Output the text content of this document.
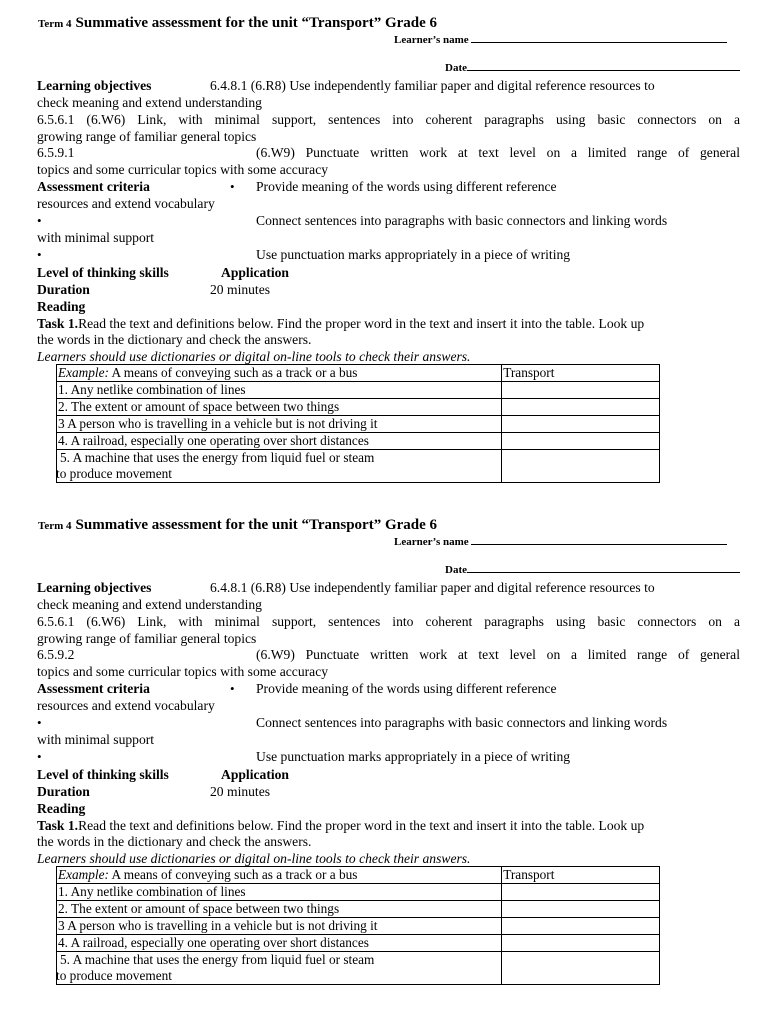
Term 4 Summative assessment for the unit “Transport” Grade 6
Learner’s name
Date
Learning objectives	6.4.8.1 (6.R8) Use independently familiar paper and digital reference resources to
check meaning and extend understanding
6.5.6.1 (6.W6) Link, with minimal support, sentences into coherent paragraphs using basic connectors on a
growing range of familiar general topics
6.5.9.1	(6.W9) Punctuate written work at text level on a limited range of general
topics and some curricular topics with some accuracy
Assessment criteria	• Provide meaning of the words using different reference
resources and extend vocabulary
•	Connect sentences into paragraphs with basic connectors and linking words
with minimal support
•	Use punctuation marks appropriately in a piece of writing
Level of thinking skills	Application
Duration	20 minutes
Reading
Task 1.Read the text and definitions below. Find the proper word in the text and insert it into the table. Look up
the words in the dictionary and check the answers.
Learners should use dictionaries or digital on-line tools to check their answers.
Example: A means of conveying such as a track or a bus	Transport
1. Any netlike combination of lines	
2. The extent or amount of space between two things	
3 A person who is travelling in a vehicle but is not driving it	
4. A railroad, especially one operating over short distances	

5. A machine that uses the energy from liquid fuel or steam
to produce movement	

Term 4 Summative assessment for the unit “Transport” Grade 6
Learner’s name
Date
Learning objectives	6.4.8.1 (6.R8) Use independently familiar paper and digital reference resources to
check meaning and extend understanding
6.5.6.1 (6.W6) Link, with minimal support, sentences into coherent paragraphs using basic connectors on a
growing range of familiar general topics
6.5.9.2	(6.W9) Punctuate written work at text level on a limited range of general
topics and some curricular topics with some accuracy
Assessment criteria	• Provide meaning of the words using different reference
resources and extend vocabulary
•	Connect sentences into paragraphs with basic connectors and linking words
with minimal support
•	Use punctuation marks appropriately in a piece of writing
Level of thinking skills	Application
Duration	20 minutes
Reading
Task 1.Read the text and definitions below. Find the proper word in the text and insert it into the table. Look up
the words in the dictionary and check the answers.
Learners should use dictionaries or digital on-line tools to check their answers.
Example: A means of conveying such as a track or a bus	Transport
1. Any netlike combination of lines	
2. The extent or amount of space between two things	
3 A person who is travelling in a vehicle but is not driving it	
4. A railroad, especially one operating over short distances	

5. A machine that uses the energy from liquid fuel or steam
to produce movement	
